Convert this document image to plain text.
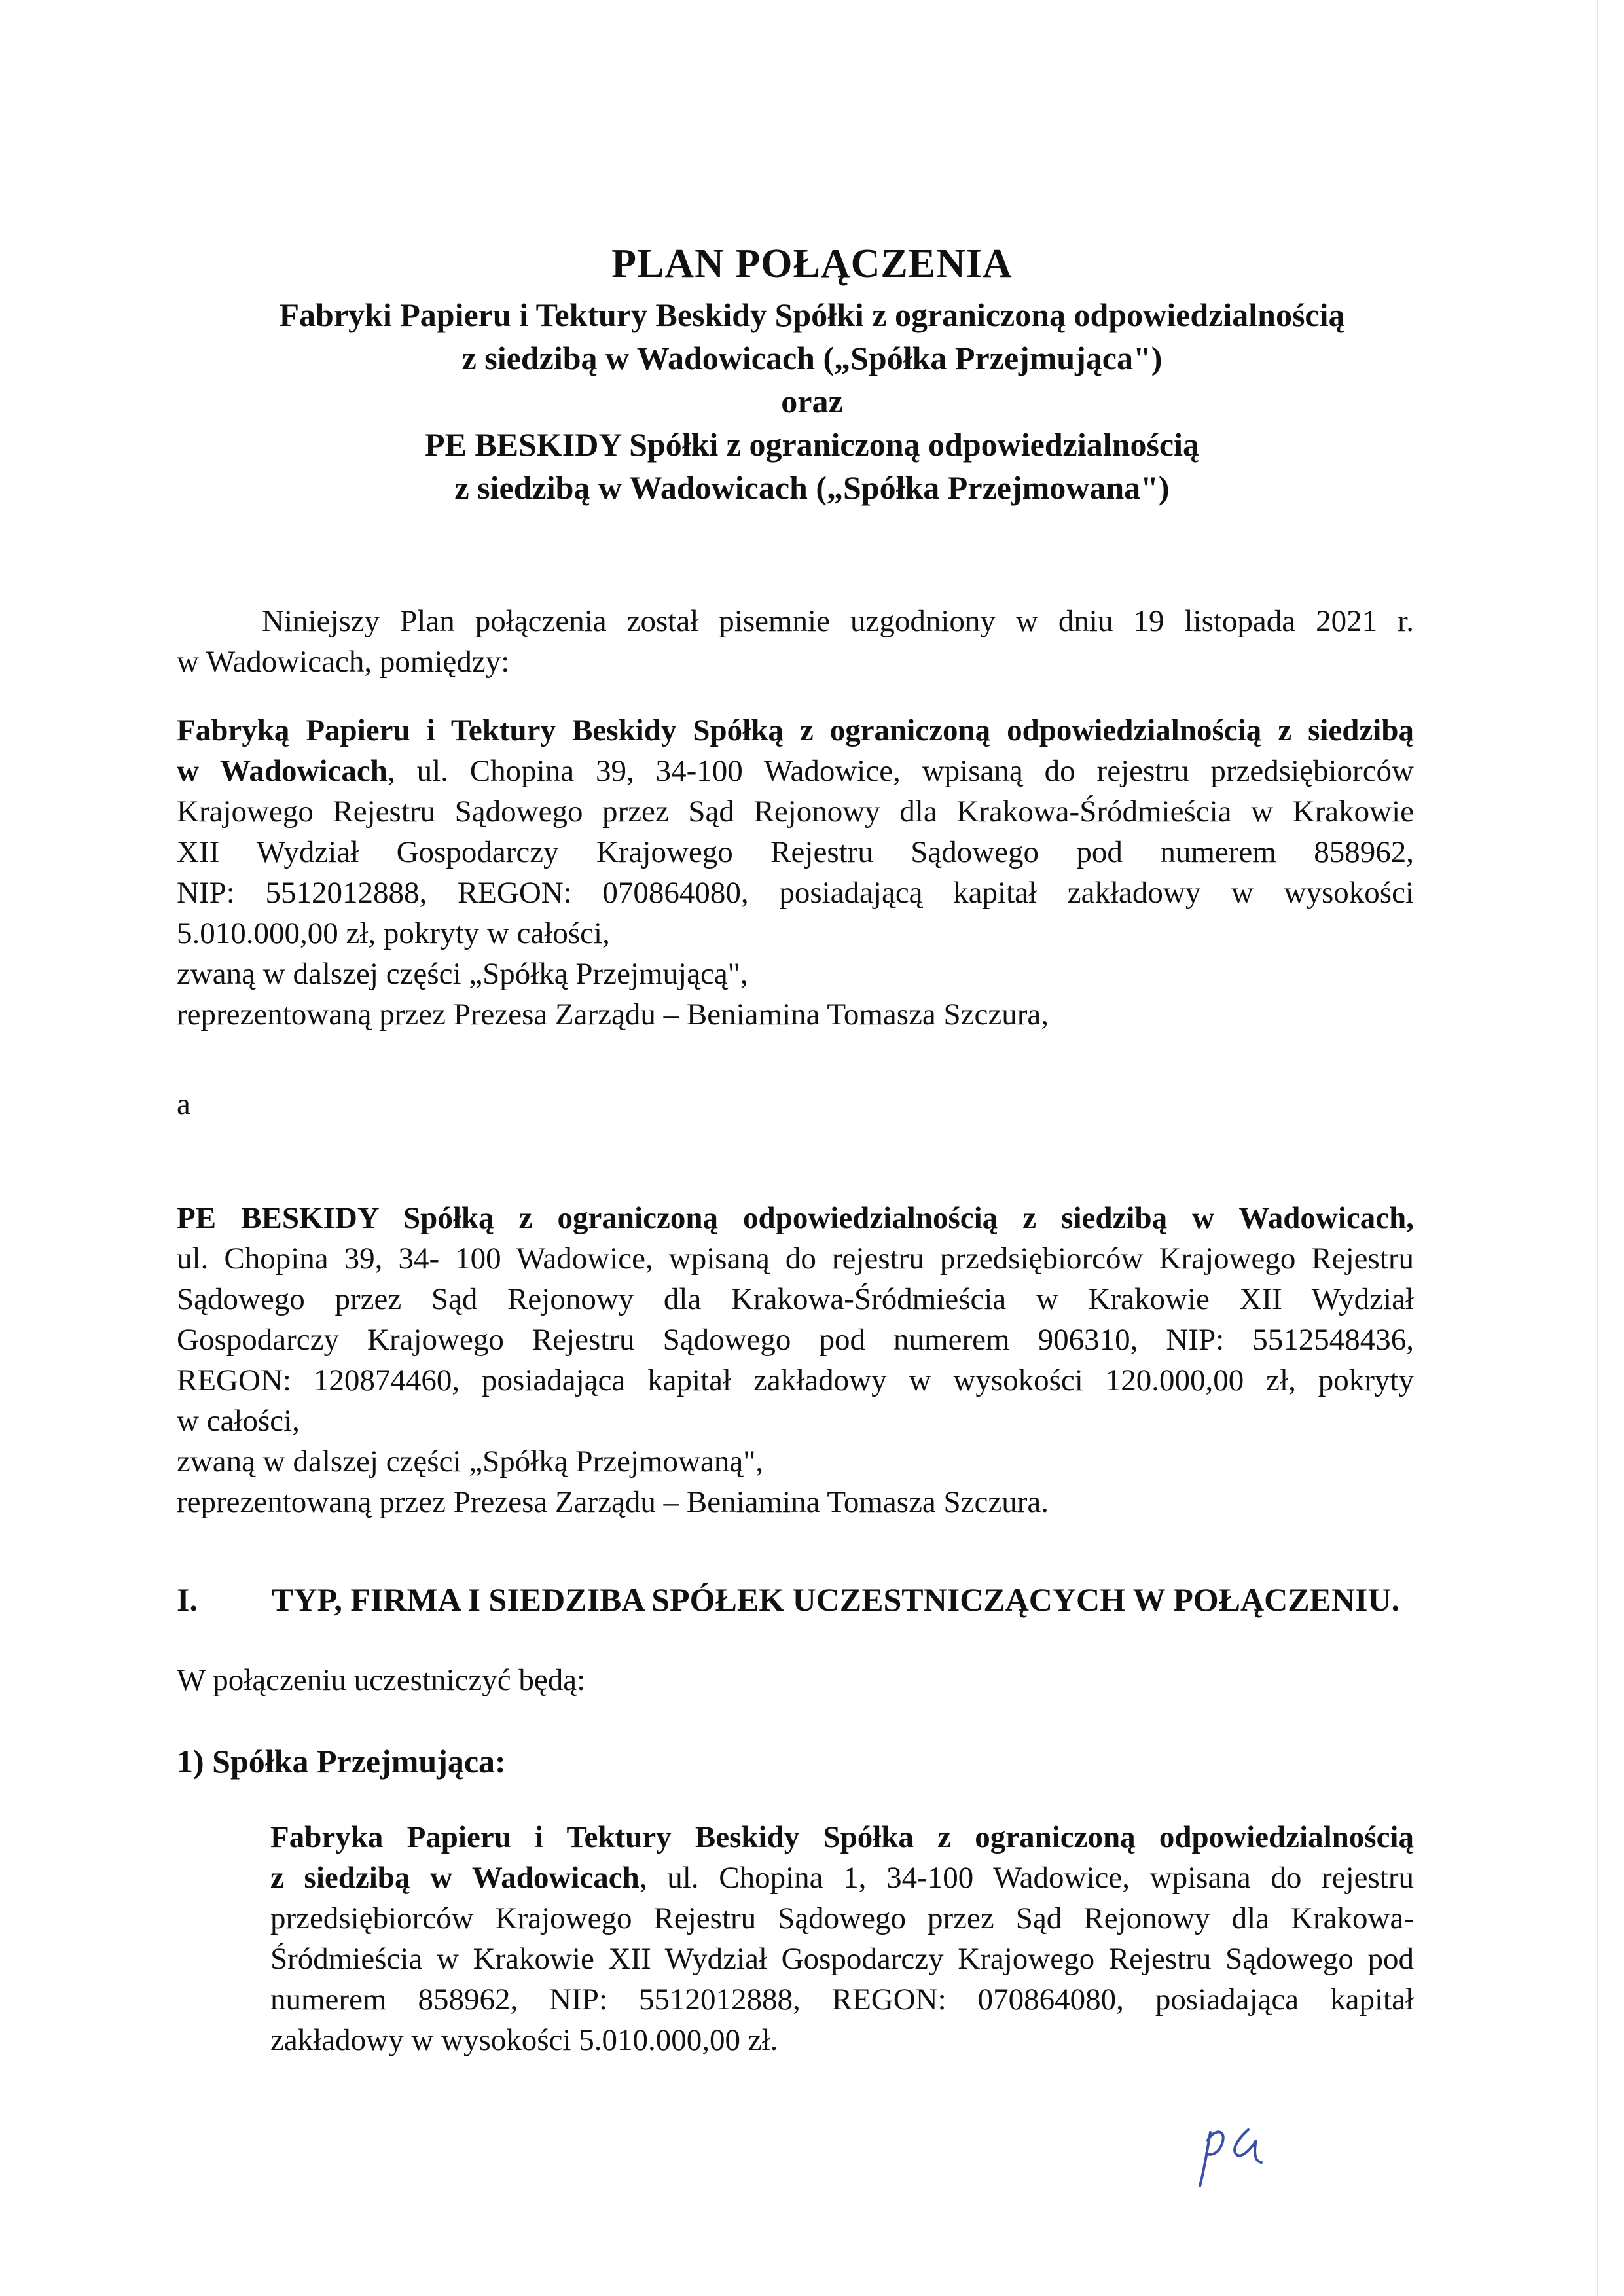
PLAN POŁĄCZENIA
Fabryki Papieru i Tektury Beskidy Spółki z ograniczoną odpowiedzialnością
z siedzibą w Wadowicach („Spółka Przejmująca")
oraz
PE BESKIDY Spółki z ograniczoną odpowiedzialnością
z siedzibą w Wadowicach („Spółka Przejmowana")
Niniejszy Plan połączenia został pisemnie uzgodniony w dniu 19 listopada 2021 r.
w Wadowicach, pomiędzy:
Fabryką Papieru i Tektury Beskidy Spółką z ograniczoną odpowiedzialnością z siedzibą
w Wadowicach, ul. Chopina 39, 34-100 Wadowice, wpisaną do rejestru przedsiębiorców
Krajowego Rejestru Sądowego przez Sąd Rejonowy dla Krakowa-Śródmieścia w Krakowie
XII Wydział Gospodarczy Krajowego Rejestru Sądowego pod numerem 858962,
NIP: 5512012888, REGON: 070864080, posiadającą kapitał zakładowy w wysokości
5.010.000,00 zł, pokryty w całości,
zwaną w dalszej części „Spółką Przejmującą",
reprezentowaną przez Prezesa Zarządu – Beniamina Tomasza Szczura,
a
PE BESKIDY Spółką z ograniczoną odpowiedzialnością z siedzibą w Wadowicach,
ul. Chopina 39, 34- 100 Wadowice, wpisaną do rejestru przedsiębiorców Krajowego Rejestru
Sądowego przez Sąd Rejonowy dla Krakowa-Śródmieścia w Krakowie XII Wydział
Gospodarczy Krajowego Rejestru Sądowego pod numerem 906310, NIP: 5512548436,
REGON: 120874460, posiadająca kapitał zakładowy w wysokości 120.000,00 zł, pokryty
w całości,
zwaną w dalszej części „Spółką Przejmowaną",
reprezentowaną przez Prezesa Zarządu – Beniamina Tomasza Szczura.
I. TYP, FIRMA I SIEDZIBA SPÓŁEK UCZESTNICZĄCYCH W POŁĄCZENIU.
W połączeniu uczestniczyć będą:
1) Spółka Przejmująca:
Fabryka Papieru i Tektury Beskidy Spółka z ograniczoną odpowiedzialnością
z siedzibą w Wadowicach, ul. Chopina 1, 34-100 Wadowice, wpisana do rejestru
przedsiębiorców Krajowego Rejestru Sądowego przez Sąd Rejonowy dla Krakowa-
Śródmieścia w Krakowie XII Wydział Gospodarczy Krajowego Rejestru Sądowego pod
numerem 858962, NIP: 5512012888, REGON: 070864080, posiadająca kapitał
zakładowy w wysokości 5.010.000,00 zł.
